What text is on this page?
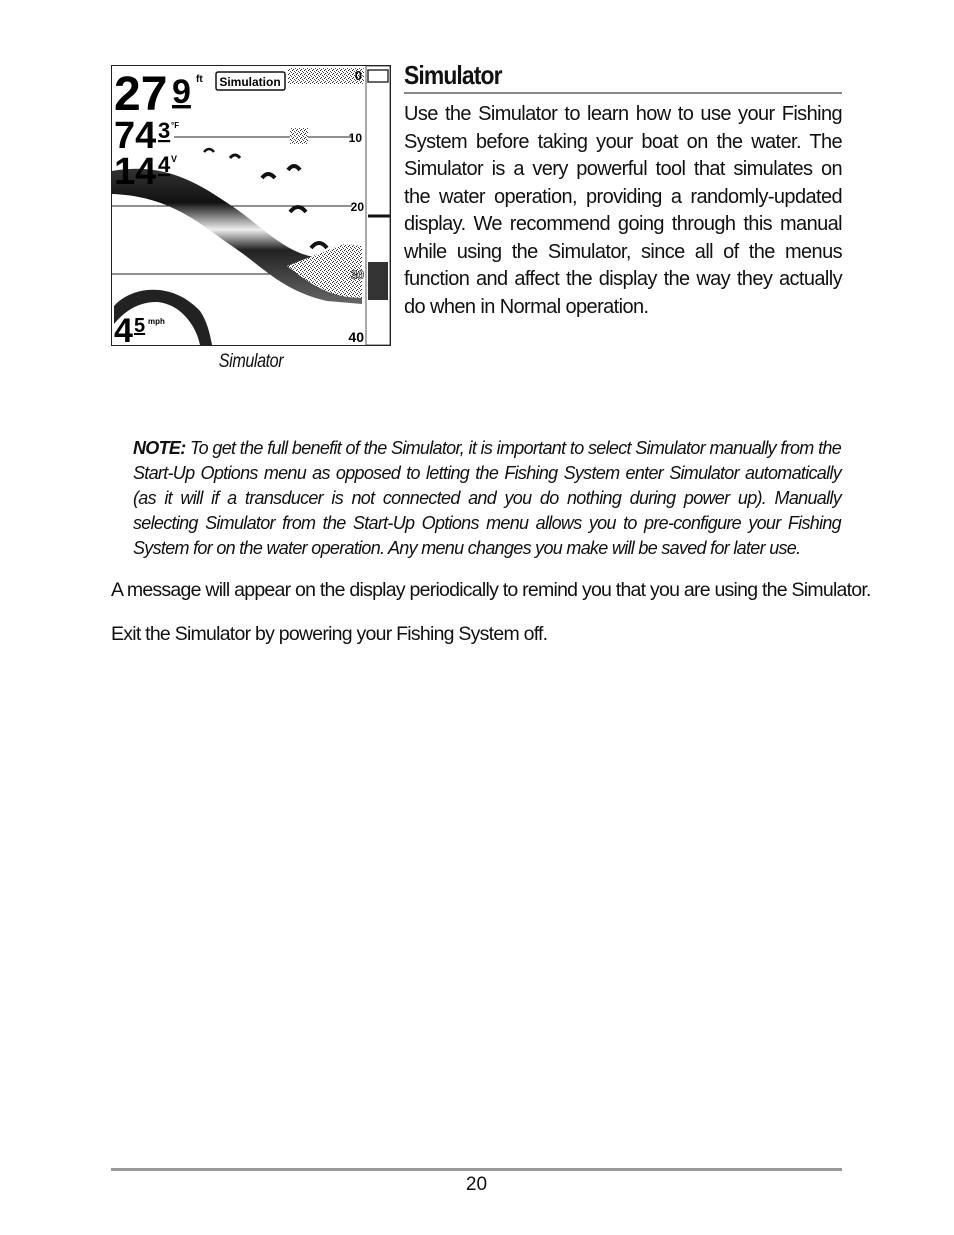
0
10
20
30
40
27 9 ft Simulation
74 3 °F
14 4 V
4 5 mph
Simulator
Simulator

Use the Simulator to learn how to use your Fishing System before taking your boat on the water. The Simulator is a very powerful tool that simulates on the water operation, providing a randomly-updated display. We recommend going through this manual while using the Simulator, since all of the menus function and affect the display the way they actually do when in Normal operation.

NOTE: To get the full benefit of the Simulator, it is important to select Simulator manually from the Start-Up Options menu as opposed to letting the Fishing System enter Simulator automatically (as it will if a transducer is not connected and you do nothing during power up). Manually selecting Simulator from the Start-Up Options menu allows you to pre-configure your Fishing System for on the water operation. Any menu changes you make will be saved for later use.

A message will appear on the display periodically to remind you that you are using the Simulator.

Exit the Simulator by powering your Fishing System off.

20
